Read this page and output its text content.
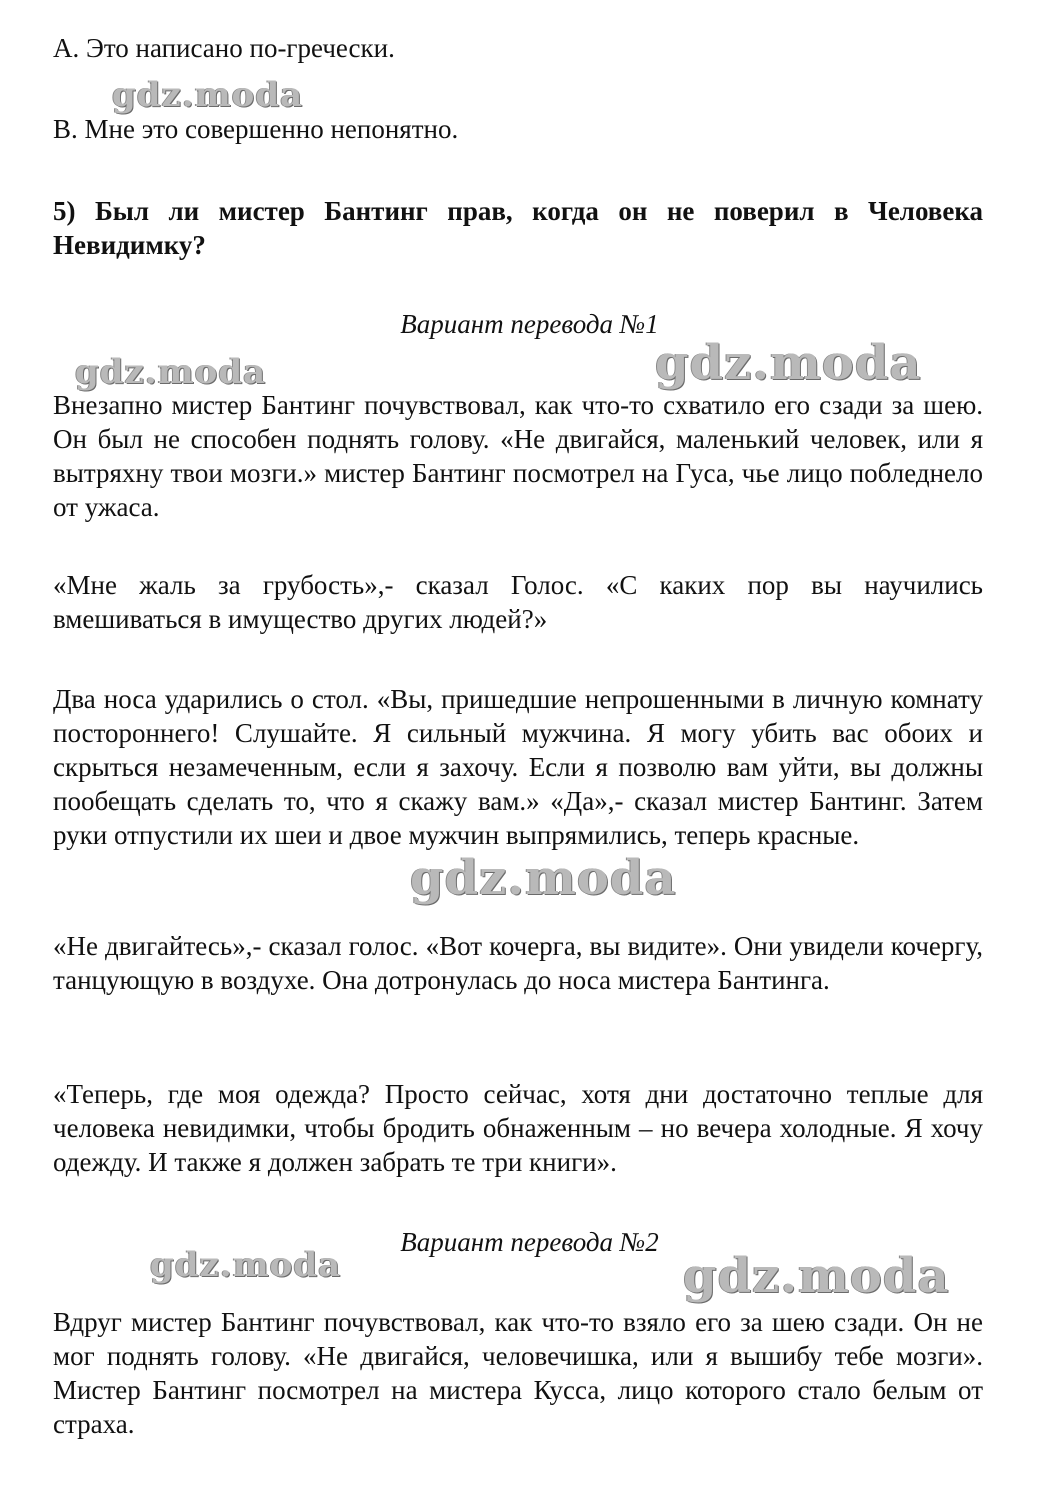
А. Это написано по-гречески.
В. Мне это совершенно непонятно.
5) Был ли мистер Бантинг прав, когда он не поверил в Человека Невидимку?
Вариант перевода №1
Внезапно мистер Бантинг почувствовал, как что-то схватило его сзади за шею. Он был не способен поднять голову. «Не двигайся, маленький человек, или я вытряхну твои мозги.» мистер Бантинг посмотрел на Гуса, чье лицо побледнело от ужаса.
«Мне жаль за грубость»,- сказал Голос. «С каких пор вы научились вмешиваться в имущество других людей?»
Два носа ударились о стол. «Вы, пришедшие непрошенными в личную комнату постороннего! Слушайте. Я сильный мужчина. Я могу убить вас обоих и скрыться незамеченным, если я захочу. Если я позволю вам уйти, вы должны пообещать сделать то, что я скажу вам.» «Да»,- сказал мистер Бантинг. Затем руки отпустили их шеи и двое мужчин выпрямились, теперь красные.
«Не двигайтесь»,- сказал голос. «Вот кочерга, вы видите». Они увидели кочергу, танцующую в воздухе. Она дотронулась до носа мистера Бантинга.
«Теперь, где моя одежда? Просто сейчас, хотя дни достаточно теплые для человека невидимки, чтобы бродить обнаженным – но вечера холодные. Я хочу одежду. И также я должен забрать те три книги».
Вариант перевода №2
Вдруг мистер Бантинг почувствовал, как что-то взяло его за шею сзади. Он не мог поднять голову. «Не двигайся, человечишка, или я вышибу тебе мозги». Мистер Бантинг посмотрел на мистера Кусса, лицо которого стало белым от страха.
gdz.moda
gdz.moda	gdz.moda
gdz.moda
gdz.moda	gdz.moda
